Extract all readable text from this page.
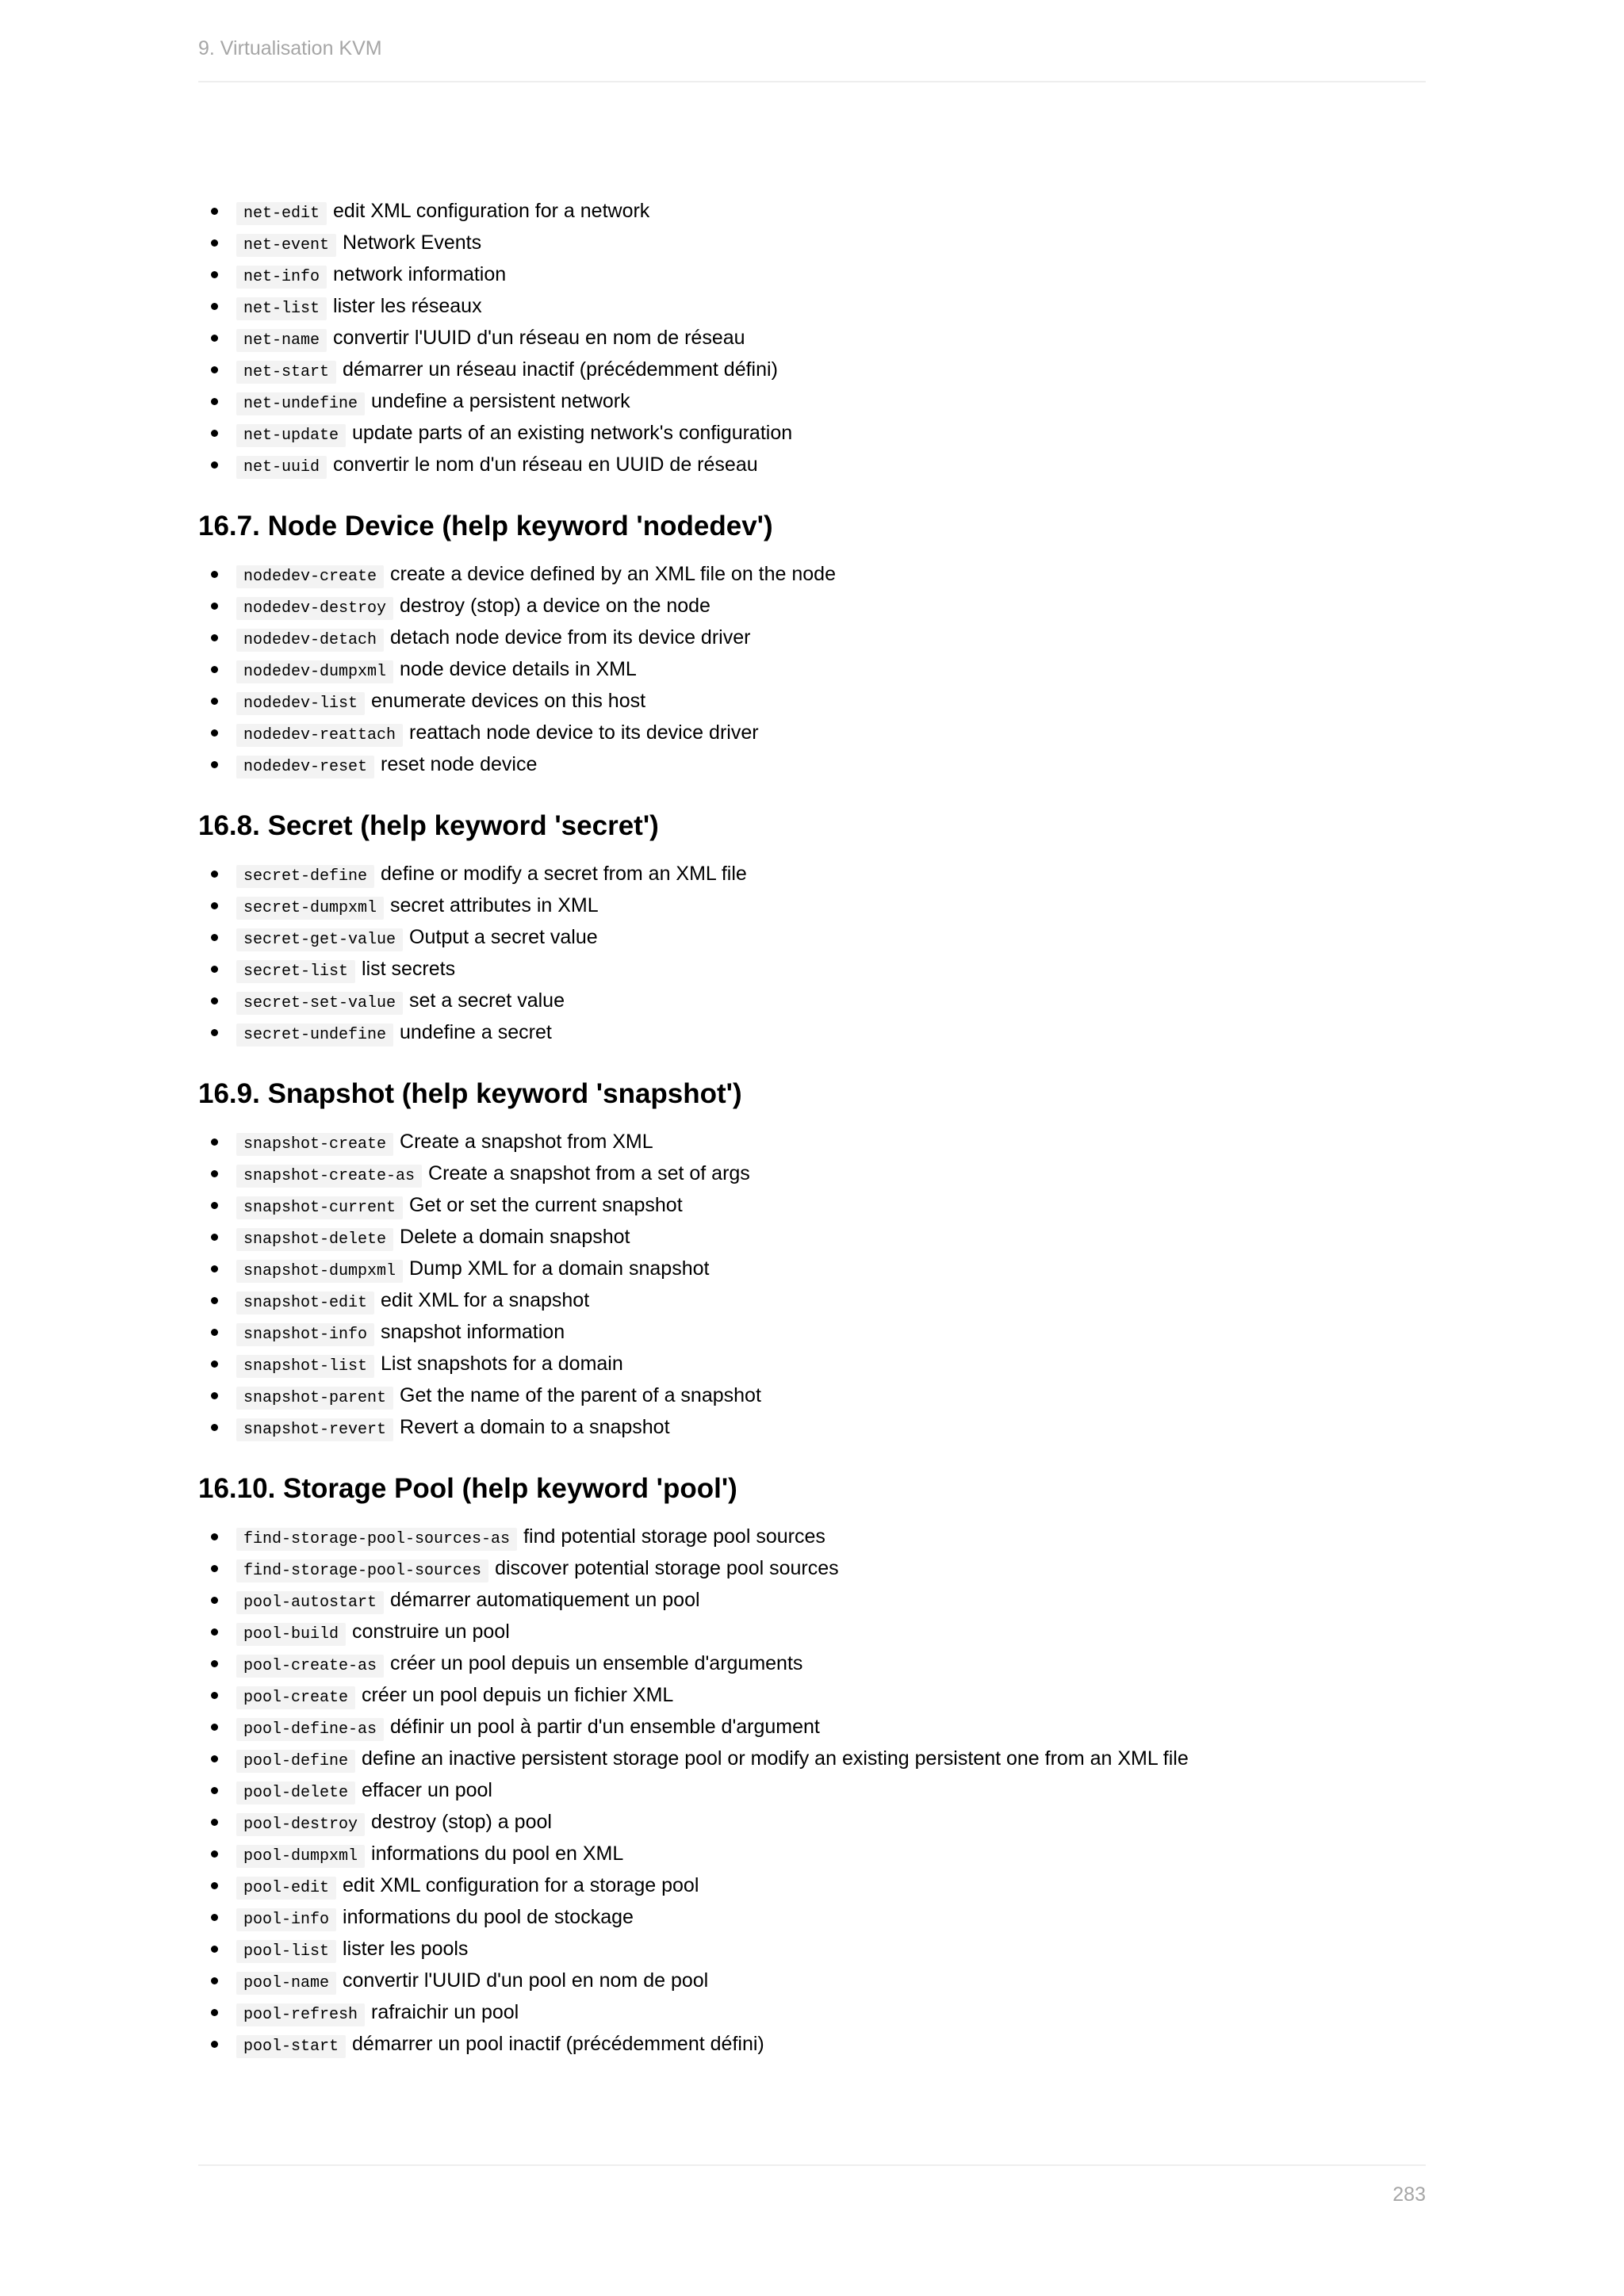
9. Virtualisation KVM
net-edit edit XML configuration for a network
net-event Network Events
net-info network information
net-list lister les réseaux
net-name convertir l'UUID d'un réseau en nom de réseau
net-start démarrer un réseau inactif (précédemment défini)
net-undefine undefine a persistent network
net-update update parts of an existing network's configuration
net-uuid convertir le nom d'un réseau en UUID de réseau
16.7. Node Device (help keyword 'nodedev')
nodedev-create create a device defined by an XML file on the node
nodedev-destroy destroy (stop) a device on the node
nodedev-detach detach node device from its device driver
nodedev-dumpxml node device details in XML
nodedev-list enumerate devices on this host
nodedev-reattach reattach node device to its device driver
nodedev-reset reset node device
16.8. Secret (help keyword 'secret')
secret-define define or modify a secret from an XML file
secret-dumpxml secret attributes in XML
secret-get-value Output a secret value
secret-list list secrets
secret-set-value set a secret value
secret-undefine undefine a secret
16.9. Snapshot (help keyword 'snapshot')
snapshot-create Create a snapshot from XML
snapshot-create-as Create a snapshot from a set of args
snapshot-current Get or set the current snapshot
snapshot-delete Delete a domain snapshot
snapshot-dumpxml Dump XML for a domain snapshot
snapshot-edit edit XML for a snapshot
snapshot-info snapshot information
snapshot-list List snapshots for a domain
snapshot-parent Get the name of the parent of a snapshot
snapshot-revert Revert a domain to a snapshot
16.10. Storage Pool (help keyword 'pool')
find-storage-pool-sources-as find potential storage pool sources
find-storage-pool-sources discover potential storage pool sources
pool-autostart démarrer automatiquement un pool
pool-build construire un pool
pool-create-as créer un pool depuis un ensemble d'arguments
pool-create créer un pool depuis un fichier XML
pool-define-as définir un pool à partir d'un ensemble d'argument
pool-define define an inactive persistent storage pool or modify an existing persistent one from an XML file
pool-delete effacer un pool
pool-destroy destroy (stop) a pool
pool-dumpxml informations du pool en XML
pool-edit edit XML configuration for a storage pool
pool-info informations du pool de stockage
pool-list lister les pools
pool-name convertir l'UUID d'un pool en nom de pool
pool-refresh rafraichir un pool
pool-start démarrer un pool inactif (précédemment défini)
283
